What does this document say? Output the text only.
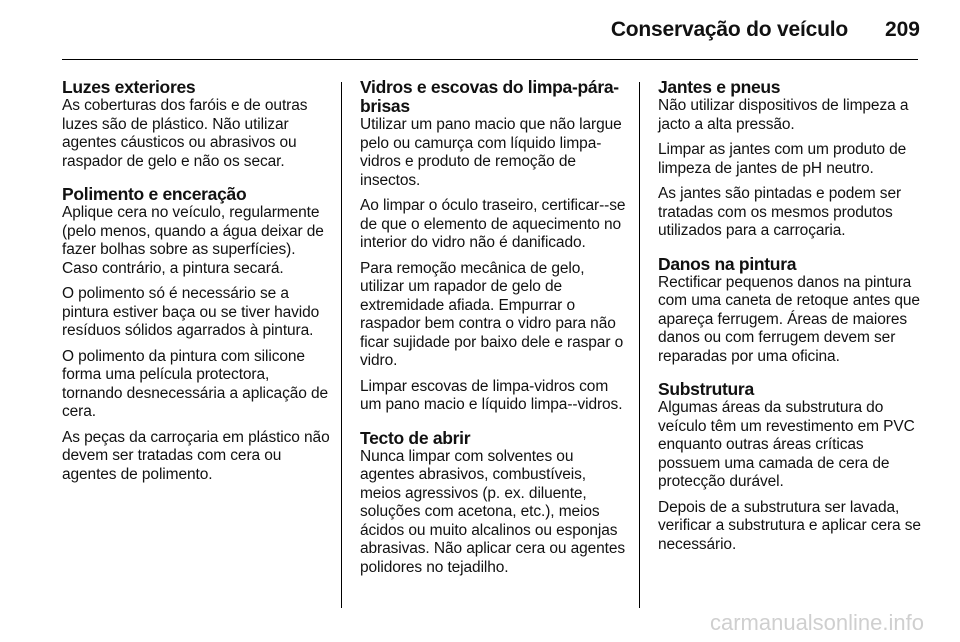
Conservação do veículo 209
Luzes exteriores

As coberturas dos faróis e de outras luzes são de plástico. Não utilizar agentes cáusticos ou abrasivos ou raspador de gelo e não os secar.

Polimento e enceração

Aplique cera no veículo, regularmente (pelo menos, quando a água deixar de fazer bolhas sobre as superfícies). Caso contrário, a pintura secará.

O polimento só é necessário se a pintura estiver baça ou se tiver havido resíduos sólidos agarrados à pintura.

O polimento da pintura com silicone forma uma película protectora, tornando desnecessária a aplicação de cera.

As peças da carroçaria em plástico não devem ser tratadas com cera ou agentes de polimento.

Vidros e escovas do limpa-pára-brisas

Utilizar um pano macio que não largue pelo ou camurça com líquido limpa-vidros e produto de remoção de insectos.

Ao limpar o óculo traseiro, certificar--se de que o elemento de aquecimento no interior do vidro não é danificado.

Para remoção mecânica de gelo, utilizar um rapador de gelo de extremidade afiada. Empurrar o raspador bem contra o vidro para não ficar sujidade por baixo dele e raspar o vidro.

Limpar escovas de limpa-vidros com um pano macio e líquido limpa--vidros.

Tecto de abrir

Nunca limpar com solventes ou agentes abrasivos, combustíveis, meios agressivos (p. ex. diluente, soluções com acetona, etc.), meios ácidos ou muito alcalinos ou esponjas abrasivas. Não aplicar cera ou agentes polidores no tejadilho.

Jantes e pneus

Não utilizar dispositivos de limpeza a jacto a alta pressão.

Limpar as jantes com um produto de limpeza de jantes de pH neutro.

As jantes são pintadas e podem ser tratadas com os mesmos produtos utilizados para a carroçaria.

Danos na pintura

Rectificar pequenos danos na pintura com uma caneta de retoque antes que apareça ferrugem. Áreas de maiores danos ou com ferrugem devem ser reparadas por uma oficina.

Substrutura

Algumas áreas da substrutura do veículo têm um revestimento em PVC enquanto outras áreas críticas possuem uma camada de cera de protecção durável.

Depois de a substrutura ser lavada, verificar a substrutura e aplicar cera se necessário.

carmanualsonline.info
